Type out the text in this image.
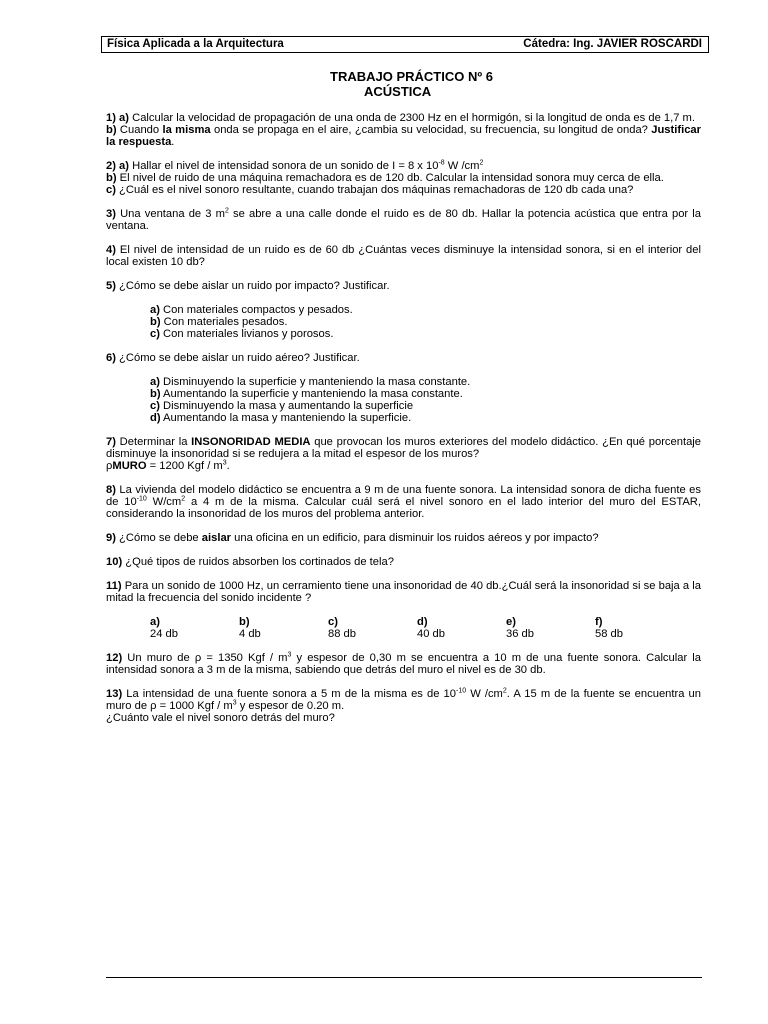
Física Aplicada a la Arquitectura	Cátedra: Ing. JAVIER ROSCARDI
TRABAJO PRÁCTICO Nº 6
ACÚSTICA

1) a) Calcular la velocidad de propagación de una onda de 2300 Hz en el hormigón, si la longitud de onda es de 1,7 m.

b) Cuando la misma onda se propaga en el aire, ¿cambia su velocidad, su frecuencia, su longitud de onda? Justificar la respuesta.

2) a) Hallar el nivel de intensidad sonora de un sonido de I = 8 x $10^{-8}$ W $/cm^2$

b) El nivel de ruido de una máquina remachadora es de 120 db. Calcular la intensidad sonora muy cerca de ella.

c) ¿Cuál es el nivel sonoro resultante, cuando trabajan dos máquinas remachadoras de 120 db cada una?

3) Una ventana de 3 $m^2$ se abre a una calle donde el ruido es de 80 db. Hallar la potencia acústica que entra por la ventana.

4) El nivel de intensidad de un ruido es de 60 db ¿Cuántas veces disminuye la intensidad sonora, si en el interior del local existen 10 db?

5) ¿Cómo se debe aislar un ruido por impacto? Justificar.

a) Con materiales compactos y pesados.
b) Con materiales pesados.
c) Con materiales livianos y porosos.

6) ¿Cómo se debe aislar un ruido aéreo? Justificar.

a) Disminuyendo la superficie y manteniendo la masa constante.
b) Aumentando la superficie y manteniendo la masa constante.
c) Disminuyendo la masa y aumentando la superficie
d) Aumentando la masa y manteniendo la superficie.

7) Determinar la INSONORIDAD MEDIA que provocan los muros exteriores del modelo didáctico. ¿En qué porcentaje disminuye la insonoridad si se redujera a la mitad el espesor de los muros?

ρMURO = 1200 Kgf / $m^3$.

8) La vivienda del modelo didáctico se encuentra a 9 m de una fuente sonora. La intensidad sonora de dicha fuente es de $10^{-10}$ $W/cm^2$ a 4 m de la misma. Calcular cuál será el nivel sonoro en el lado interior del muro del ESTAR, considerando la insonoridad de los muros del problema anterior.

9) ¿Cómo se debe aislar una oficina en un edificio, para disminuir los ruidos aéreos y por impacto?

10) ¿Qué tipos de ruidos absorben los cortinados de tela?

11) Para un sonido de 1000 Hz, un cerramiento tiene una insonoridad de 40 db.¿Cuál será la insonoridad si se baja a la mitad la frecuencia del sonido incidente ?

a)24 db
b)4 db
c)88 db
d)40 db
e)36 db
f)58 db

12) Un muro de ρ = 1350 Kgf / $m^3$ y espesor de 0,30 m se encuentra a 10 m de una fuente sonora. Calcular la intensidad sonora a 3 m de la misma, sabiendo que detrás del muro el nivel es de 30 db.

13) La intensidad de una fuente sonora a 5 m de la misma es de $10^{-10}$ W $/cm^2$. A 15 m de la fuente se encuentra un muro de ρ = 1000 Kgf / $m^3$ y espesor de 0.20 m.

¿Cuánto vale el nivel sonoro detrás del muro?
